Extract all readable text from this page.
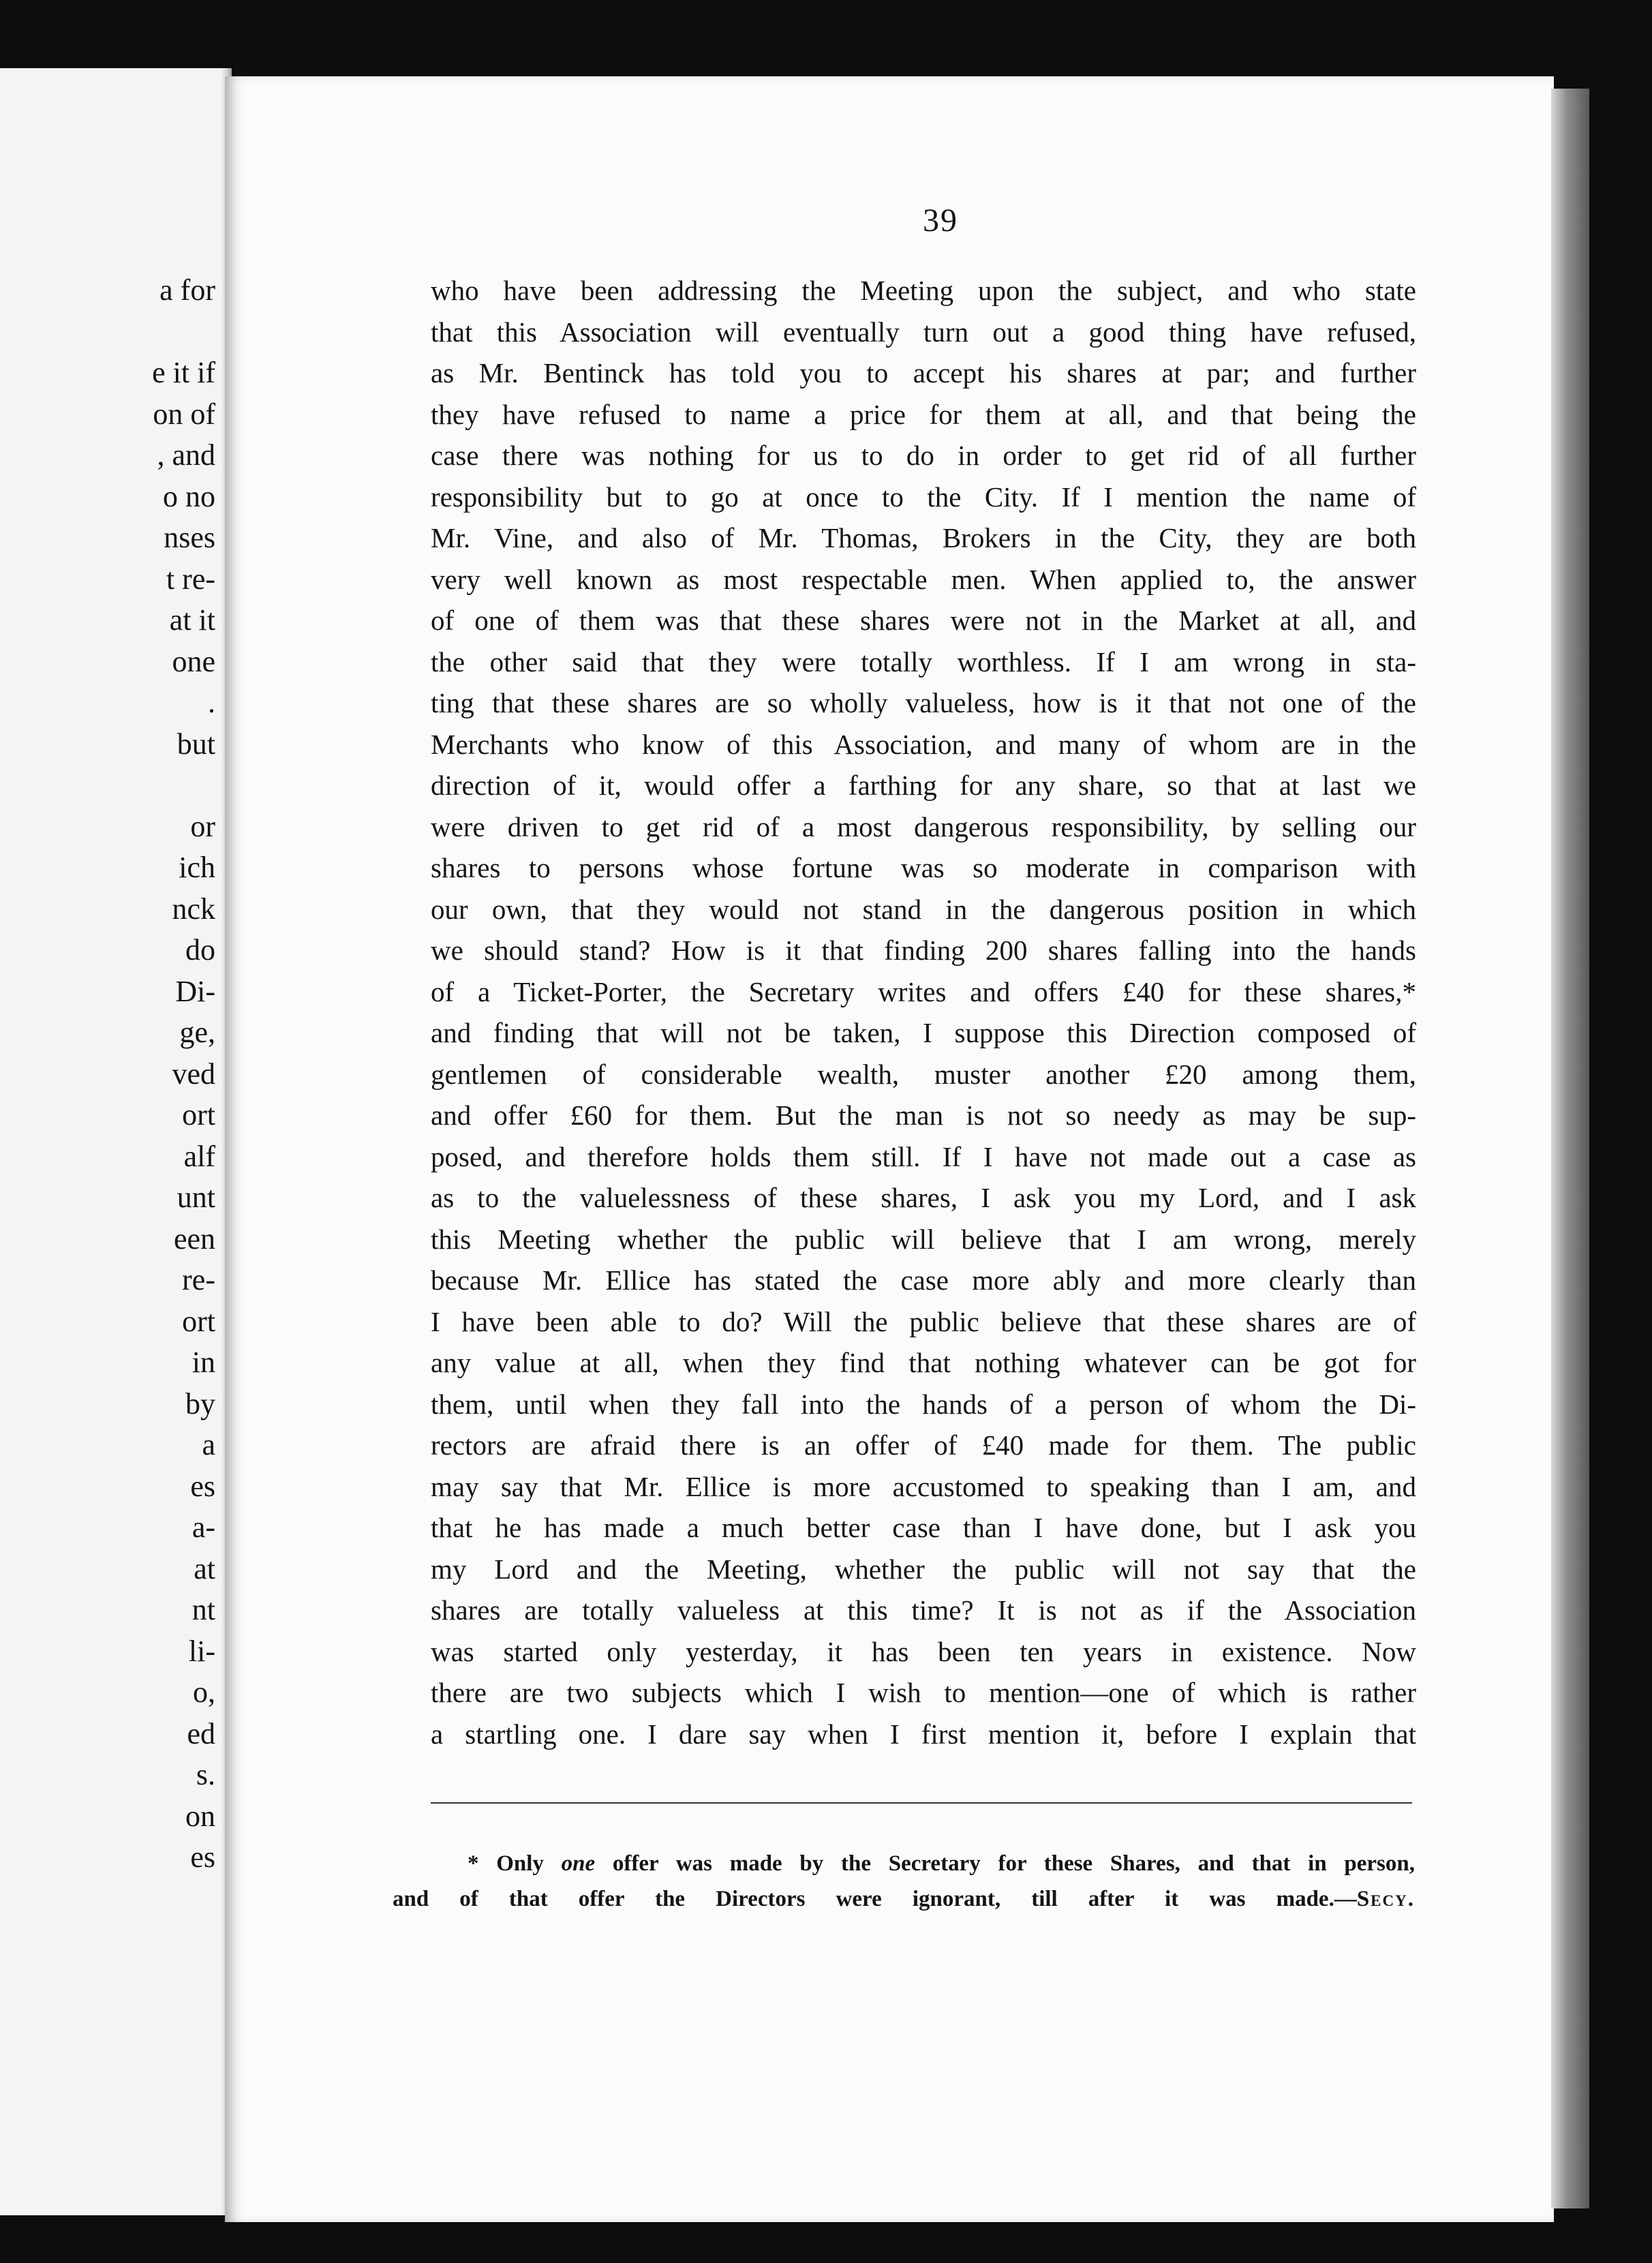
a for
e it if
on of
, and
o no
nses
t re-
at it
one
.
but
or
ich
nck
do
Di-
ge,
ved
ort
alf
unt
een
re-
ort
in
by
a
es
a-
at
nt
li-
o,
ed
s.
on
es
39
who have been addressing the Meeting upon the subject, and who state
that this Association will eventually turn out a good thing have refused,
as Mr. Bentinck has told you to accept his shares at par; and further
they have refused to name a price for them at all, and that being the
case there was nothing for us to do in order to get rid of all further
responsibility but to go at once to the City. If I mention the name of
Mr. Vine, and also of Mr. Thomas, Brokers in the City, they are both
very well known as most respectable men. When applied to, the answer
of one of them was that these shares were not in the Market at all, and
the other said that they were totally worthless. If I am wrong in sta-
ting that these shares are so wholly valueless, how is it that not one of the
Merchants who know of this Association, and many of whom are in the
direction of it, would offer a farthing for any share, so that at last we
were driven to get rid of a most dangerous responsibility, by selling our
shares to persons whose fortune was so moderate in comparison with
our own, that they would not stand in the dangerous position in which
we should stand? How is it that finding 200 shares falling into the hands
of a Ticket-Porter, the Secretary writes and offers £40 for these shares,*
and finding that will not be taken, I suppose this Direction composed of
gentlemen of considerable wealth, muster another £20 among them,
and offer £60 for them. But the man is not so needy as may be sup-
posed, and therefore holds them still. If I have not made out a case as
as to the valuelessness of these shares, I ask you my Lord, and I ask
this Meeting whether the public will believe that I am wrong, merely
because Mr. Ellice has stated the case more ably and more clearly than
I have been able to do? Will the public believe that these shares are of
any value at all, when they find that nothing whatever can be got for
them, until when they fall into the hands of a person of whom the Di-
rectors are afraid there is an offer of £40 made for them. The public
may say that Mr. Ellice is more accustomed to speaking than I am, and
that he has made a much better case than I have done, but I ask you
my Lord and the Meeting, whether the public will not say that the
shares are totally valueless at this time? It is not as if the Association
was started only yesterday, it has been ten years in existence. Now
there are two subjects which I wish to mention—one of which is rather
a startling one. I dare say when I first mention it, before I explain that
* Only one offer was made by the Secretary for these Shares, and that in person,
and of that offer the Directors were ignorant, till after it was made.—Secy.
